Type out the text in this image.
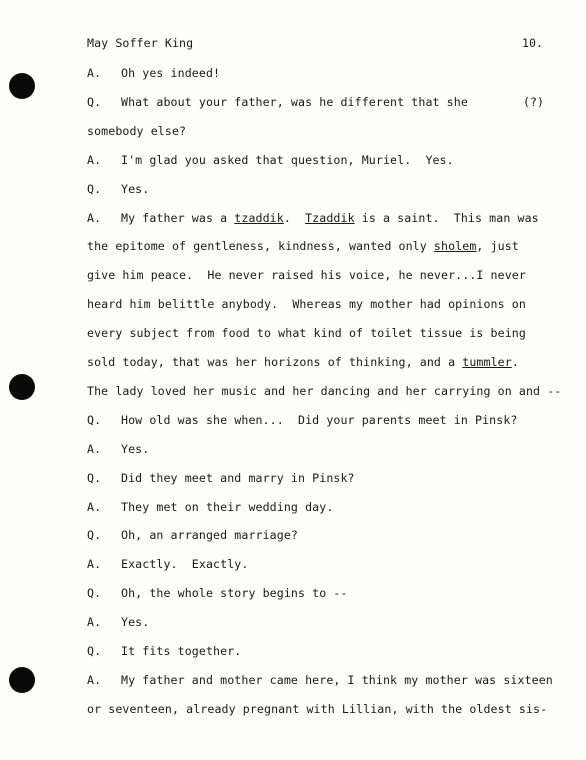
May Soffer King	10.
A. Oh yes indeed!
Q. What about your father, was he different that she	(?)
somebody else?
A. I'm glad you asked that question, Muriel.  Yes.
Q. Yes.
A. My father was a tzaddik.  Tzaddik is a saint.  This man was
the epitome of gentleness, kindness, wanted only sholem, just
give him peace.  He never raised his voice, he never...I never
heard him belittle anybody.  Whereas my mother had opinions on
every subject from food to what kind of toilet tissue is being
sold today, that was her horizons of thinking, and a tummler.
The lady loved her music and her dancing and her carrying on and --
Q. How old was she when...  Did your parents meet in Pinsk?
A. Yes.
Q. Did they meet and marry in Pinsk?
A. They met on their wedding day.
Q. Oh, an arranged marriage?
A. Exactly.  Exactly.
Q. Oh, the whole story begins to --
A. Yes.
Q. It fits together.
A. My father and mother came here, I think my mother was sixteen
or seventeen, already pregnant with Lillian, with the oldest sis-
